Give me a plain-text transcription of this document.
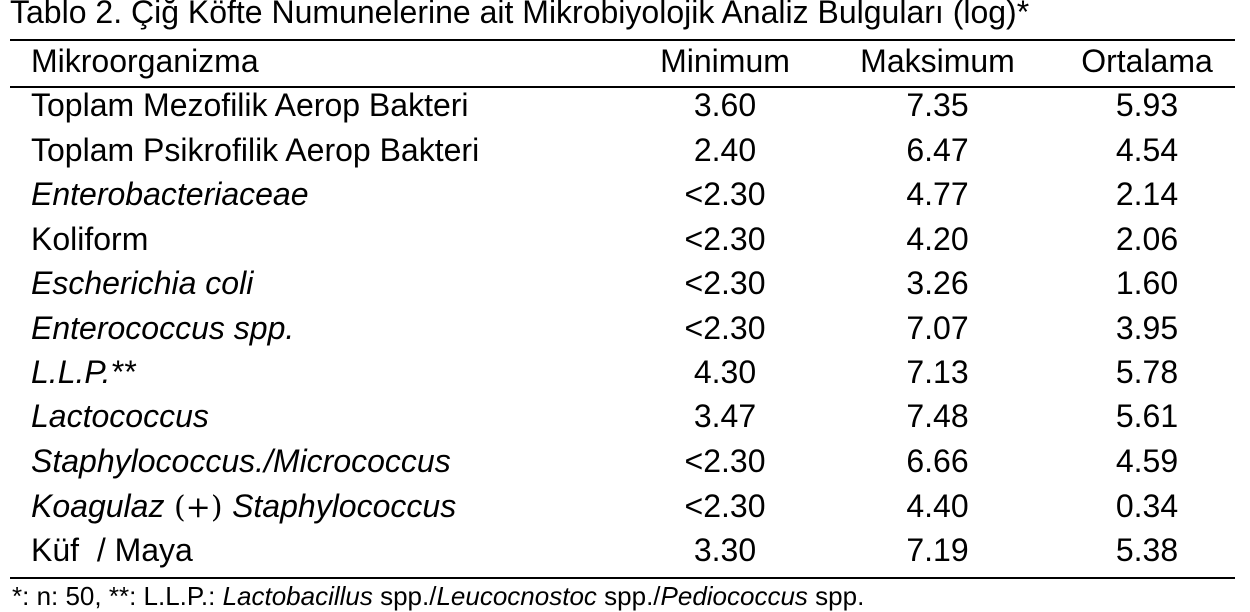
Tablo 2. Çiğ Köfte Numunelerine ait Mikrobiyolojik Analiz Bulguları (log)*
Mikroorganizma	Minimum	Maksimum	Ortalama
Toplam Mezofilik Aerop Bakteri	3.60	7.35	5.93
Toplam Psikrofilik Aerop Bakteri	2.40	6.47	4.54
Enterobacteriaceae	<2.30	4.77	2.14
Koliform	<2.30	4.20	2.06
Escherichia coli	<2.30	3.26	1.60
Enterococcus spp.	<2.30	7.07	3.95
L.L.P.**	4.30	7.13	5.78
Lactococcus	3.47	7.48	5.61
Staphylococcus./Micrococcus	<2.30	6.66	4.59
Koagulaz (+) Staphylococcus	<2.30	4.40	0.34
Küf  / Maya	3.30	7.19	5.38
*: n: 50, **: L.L.P.: Lactobacillus spp./Leucocnostoc spp./Pediococcus spp.
